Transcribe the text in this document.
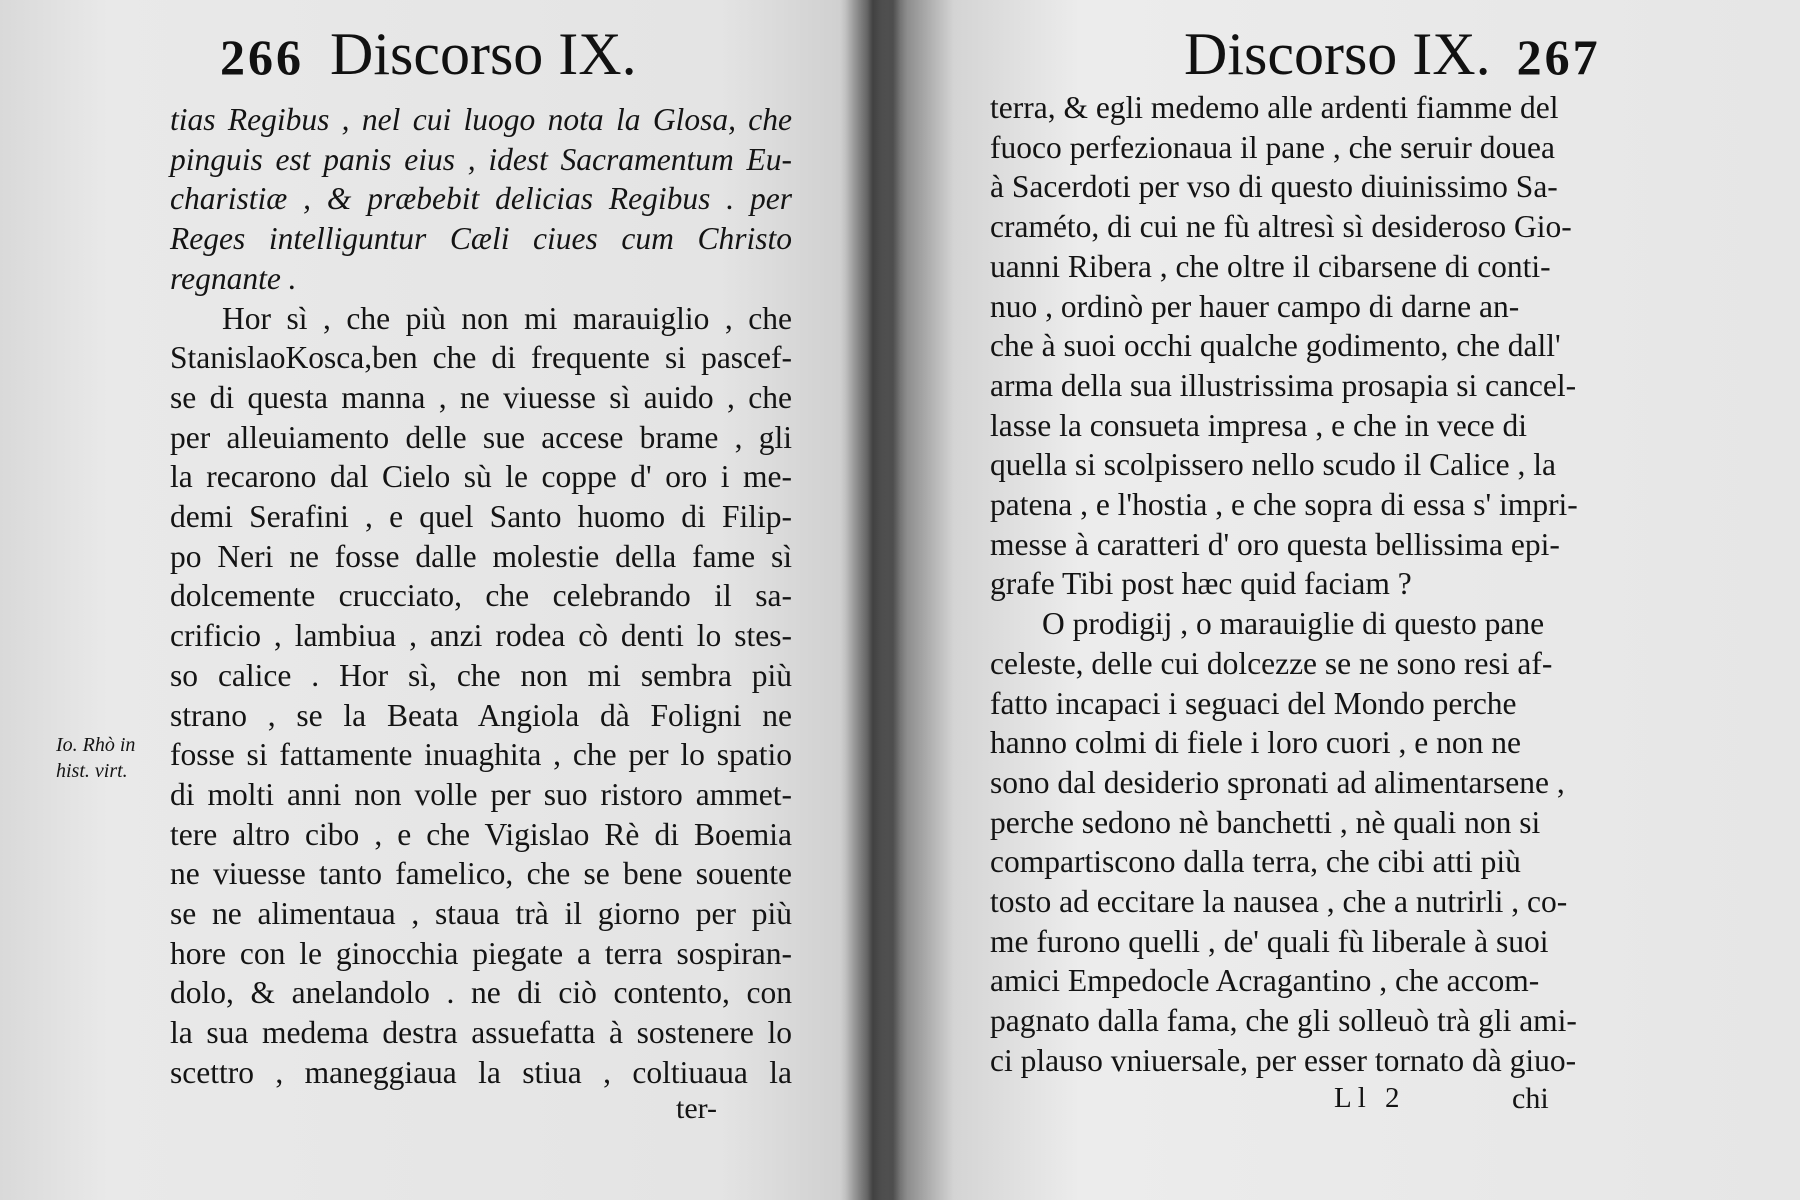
266 Discorso IX.
Io. Rhò in hist. virt.
tias Regibus , nel cui luogo nota la Glosa, che
pinguis est panis eius , idest Sacramentum Eu-
charistiæ , & præbebit delicias Regibus . per
Reges intelliguntur Cæli ciues cum Christo
regnante .
Hor sì , che più non mi marauiglio , che
StanislaoKosca,ben che di frequente si pascef-
se di questa manna , ne viuesse sì auido , che
per alleuiamento delle sue accese brame , gli
la recarono dal Cielo sù le coppe d' oro i me-
demi Serafini , e quel Santo huomo di Filip-
po Neri ne fosse dalle molestie della fame sì
dolcemente crucciato, che celebrando il sa-
crificio , lambiua , anzi rodea cò denti lo stes-
so calice . Hor sì, che non mi sembra più
strano , se la Beata Angiola dà Foligni ne
fosse si fattamente inuaghita , che per lo spatio
di molti anni non volle per suo ristoro ammet-
tere altro cibo , e che Vigislao Rè di Boemia
ne viuesse tanto famelico, che se bene souente
se ne alimentaua , staua trà il giorno per più
hore con le ginocchia piegate a terra sospiran-
dolo, & anelandolo . ne di ciò contento, con
la sua medema destra assuefatta à sostenere lo
scettro , maneggiaua la stiua , coltiuaua la
ter-
Discorso IX. 267
terra, & egli medemo alle ardenti fiamme del
fuoco perfezionaua il pane , che seruir douea
à Sacerdoti per vso di questo diuinissimo Sa-
craméto, di cui ne fù altresì sì desideroso Gio-
uanni Ribera , che oltre il cibarsene di conti-
nuo , ordinò per hauer campo di darne an-
che à suoi occhi qualche godimento, che dall'
arma della sua illustrissima prosapia si cancel-
lasse la consueta impresa , e che in vece di
quella si scolpissero nello scudo il Calice , la
patena , e l'hostia , e che sopra di essa s' impri-
messe à caratteri d' oro questa bellissima epi-
grafe Tibi post hæc quid faciam ?
O prodigij , o marauiglie di questo pane
celeste, delle cui dolcezze se ne sono resi af-
fatto incapaci i seguaci del Mondo perche
hanno colmi di fiele i loro cuori , e non ne
sono dal desiderio spronati ad alimentarsene ,
perche sedono nè banchetti , nè quali non si
compartiscono dalla terra, che cibi atti più
tosto ad eccitare la nausea , che a nutrirli , co-
me furono quelli , de' quali fù liberale à suoi
amici Empedocle Acragantino , che accom-
pagnato dalla fama, che gli solleuò trà gli ami-
ci plauso vniuersale, per esser tornato dà giuo-
Ll 2	chi
